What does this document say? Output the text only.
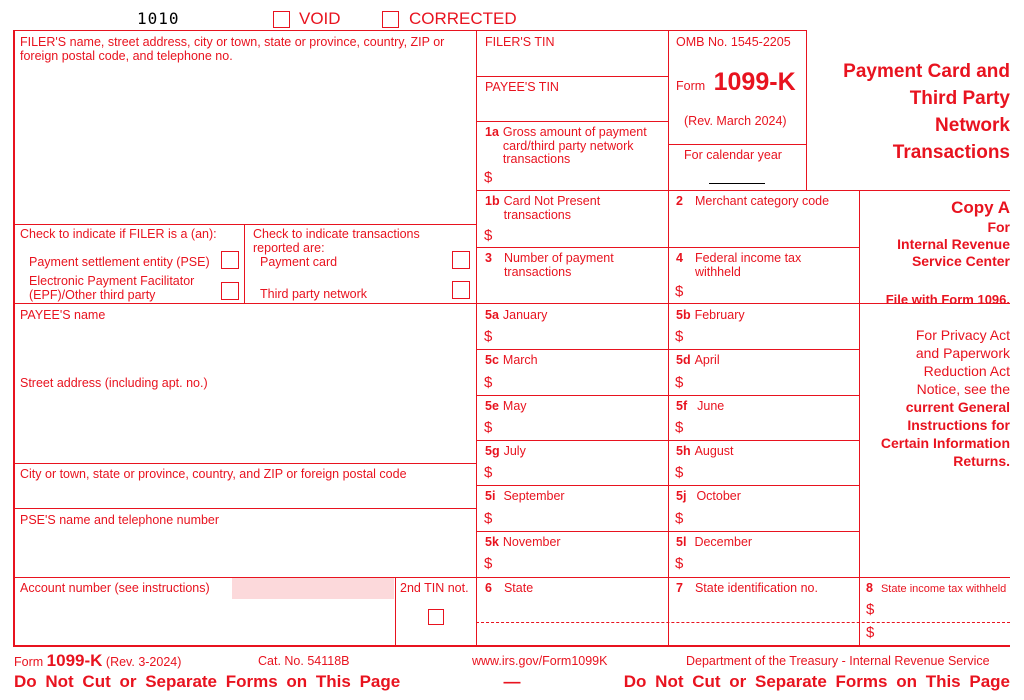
1010	VOID	CORRECTED
FILER'S name, street address, city or town, state or province, country, ZIP or foreign postal code, and telephone no.
Check to indicate if FILER is a (an):
Payment settlement entity (PSE)
Electronic Payment Facilitator (EPF)/Other third party
Check to indicate transactions reported are:
Payment card
Third party network
PAYEE'S name
Street address (including apt. no.)
City or town, state or province, country, and ZIP or foreign postal code
PSE'S name and telephone number
Account number (see instructions)	2nd TIN not.
FILER'S TIN
PAYEE'S TIN
1a Gross amount of payment card/third party network transactions
$
OMB No. 1545-2205
Form 1099-K
(Rev. March 2024)
For calendar year
Payment Card and
Third Party
Network
Transactions
Copy A
For
Internal Revenue
Service Center
File with Form 1096.
For Privacy Act
and Paperwork
Reduction Act
Notice, see the
current General
Instructions for
Certain Information
Returns.
1b Card Not Present transactions
$
2 Merchant category code
3 Number of payment transactions
4 Federal income tax withheld
$
5a January
$
5b February
$
5c March
$
5d April
$
5e May
$
5f June
$
5g July
$
5h August
$
5i September
$
5j October
$
5k November
$
5l December
$
6 State	7 State identification no.	8 State income tax withheld
$
$
Form 1099-K (Rev. 3-2024)	Cat. No. 54118B	www.irs.gov/Form1099K	Department of the Treasury - Internal Revenue Service
Do Not Cut or Separate Forms on This Page	—	Do Not Cut or Separate Forms on This Page
